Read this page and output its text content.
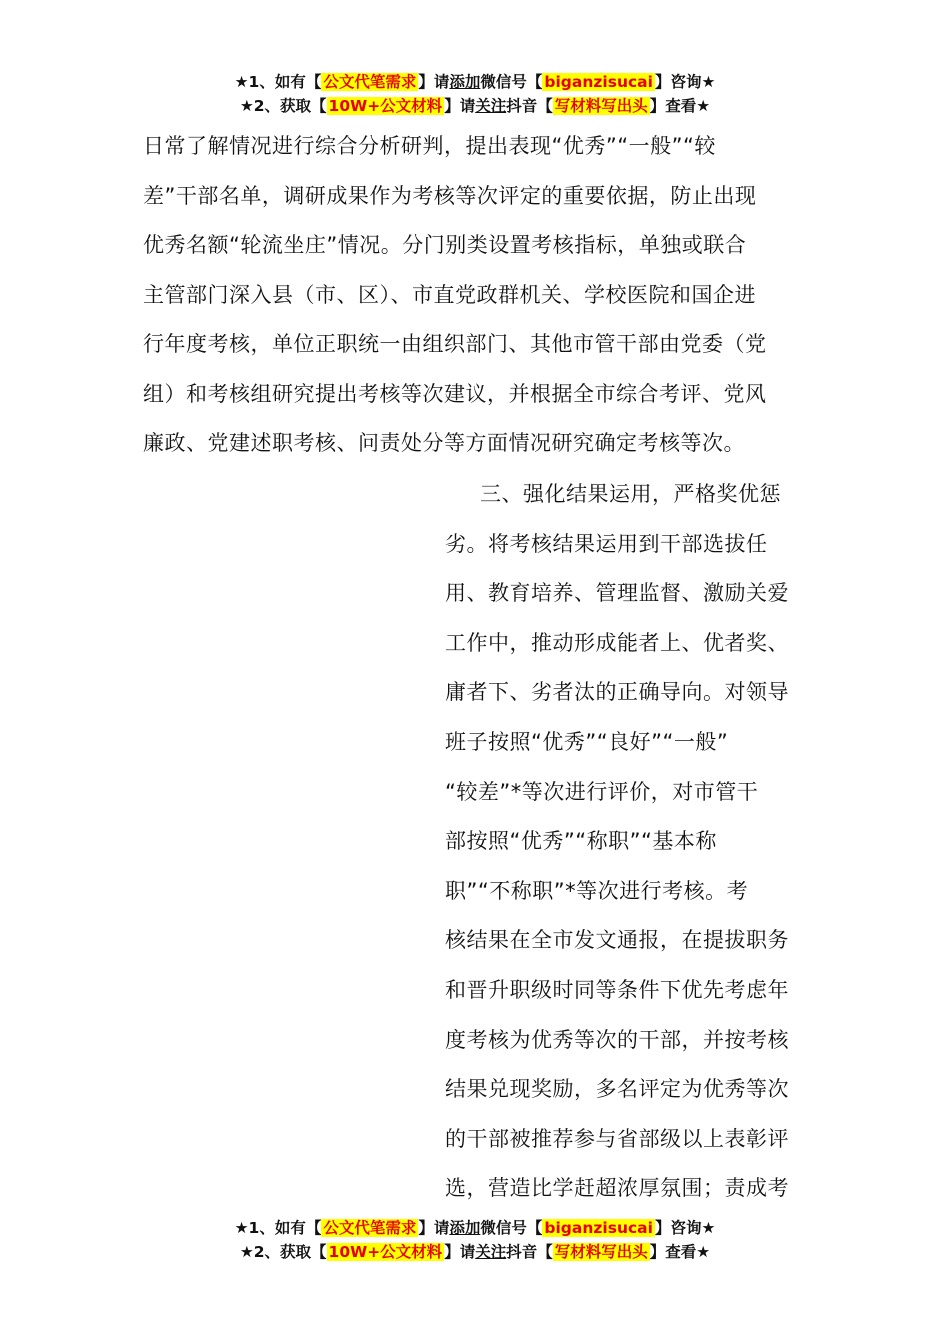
★1、如有【 公文代笔需求 】请添加微信号【 biganzisucai 】咨询★
★2、获取【 10W+公文材料 】请关注抖音【 写材料写出头 】查看★
日常了解情况进行综合分析研判，提出表现“优秀”“一般”“较
差”干部名单，调研成果作为考核等次评定的重要依据，防止出现
优秀名额“轮流坐庄”情况。分门别类设置考核指标，单独或联合
主管部门深入县（市、区）、市直党政群机关、学校医院和国企进
行年度考核，单位正职统一由组织部门、其他市管干部由党委（党
组）和考核组研究提出考核等次建议，并根据全市综合考评、党风
廉政、党建述职考核、问责处分等方面情况研究确定考核等次。
三、强化结果运用，严格奖优惩
劣。将考核结果运用到干部选拔任
用、教育培养、管理监督、激励关爱
工作中，推动形成能者上、优者奖、
庸者下、劣者汰的正确导向。对领导
班子按照“优秀”“良好”“一般”
“较差”*等次进行评价，对市管干
部按照“优秀”“称职”“基本称
职”“不称职”*等次进行考核。考
核结果在全市发文通报，在提拔职务
和晋升职级时同等条件下优先考虑年
度考核为优秀等次的干部，并按考核
结果兑现奖励，多名评定为优秀等次
的干部被推荐参与省部级以上表彰评
选，营造比学赶超浓厚氛围；责成考
★1、如有【 公文代笔需求 】请添加微信号【 biganzisucai 】咨询★
★2、获取【 10W+公文材料 】请关注抖音【 写材料写出头 】查看★
